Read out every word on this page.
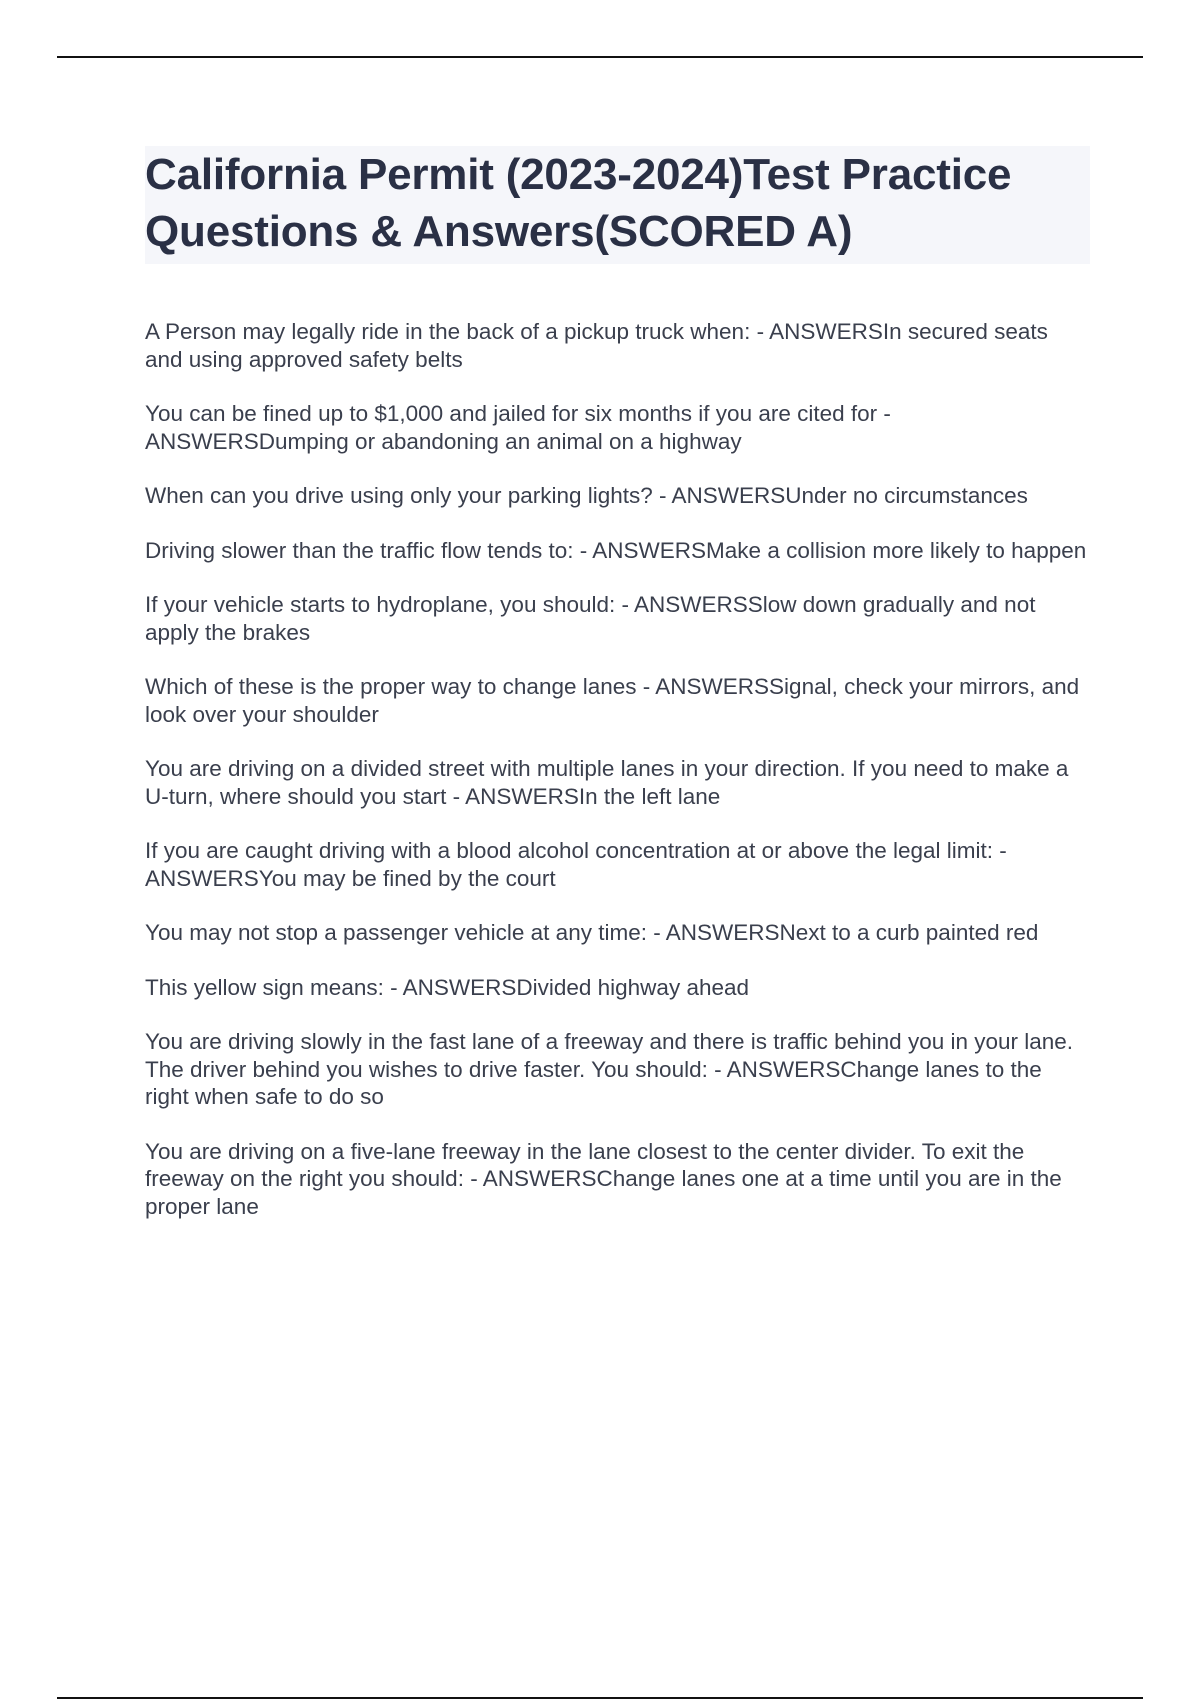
California Permit (2023-2024)Test Practice Questions & Answers(SCORED A)

A Person may legally ride in the back of a pickup truck when: - ANSWERSIn secured seats and using approved safety belts

You can be fined up to $1,000 and jailed for six months if you are cited for - ANSWERSDumping or abandoning an animal on a highway

When can you drive using only your parking lights? - ANSWERSUnder no circumstances

Driving slower than the traffic flow tends to: - ANSWERSMake a collision more likely to happen

If your vehicle starts to hydroplane, you should: - ANSWERSSlow down gradually and not apply the brakes

Which of these is the proper way to change lanes - ANSWERSSignal, check your mirrors, and look over your shoulder

You are driving on a divided street with multiple lanes in your direction. If you need to make a U-turn, where should you start - ANSWERSIn the left lane

If you are caught driving with a blood alcohol concentration at or above the legal limit: - ANSWERSYou may be fined by the court

You may not stop a passenger vehicle at any time: - ANSWERSNext to a curb painted red

This yellow sign means: - ANSWERSDivided highway ahead

You are driving slowly in the fast lane of a freeway and there is traffic behind you in your lane. The driver behind you wishes to drive faster. You should: - ANSWERSChange lanes to the right when safe to do so

You are driving on a five-lane freeway in the lane closest to the center divider. To exit the freeway on the right you should: - ANSWERSChange lanes one at a time until you are in the proper lane
